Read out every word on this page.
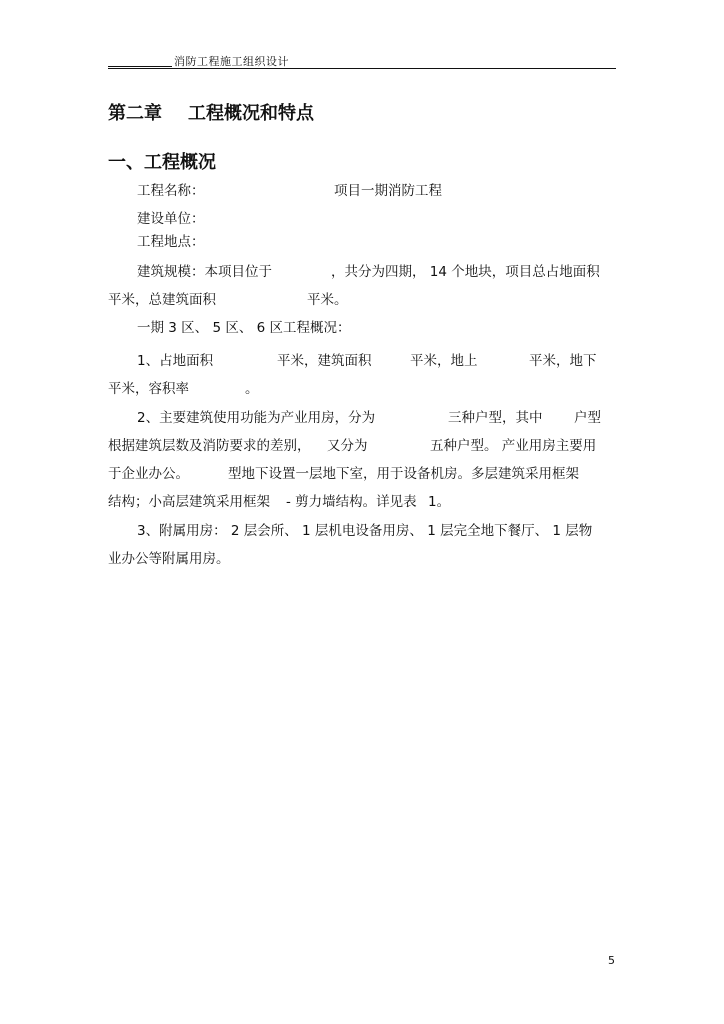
消防工程施工组织设计
第二章 工程概况和特点
一、工程概况
工程名称：	项目一期消防工程
建设单位：
工程地点：
建筑规模：本项目位于	，共分为四期， 14 个地块，项目总占地面积
平米，总建筑面积	平米。
一期 3 区、 5 区、 6 区工程概况：
1、占地面积	平米，建筑面积	平米，地上	平米，地下
平米，容积率	。
2、主要建筑使用功能为产业用房，分为	三种户型，其中 户型
根据建筑层数及消防要求的差别， 又分为	五种户型。 产业用房主要用
于企业办公。	型地下设置一层地下室，用于设备机房。多层建筑采用框架
结构；小高层建筑采用框架 - 剪力墙结构。详见表 1。
3、附属用房： 2 层会所、 1 层机电设备用房、 1 层完全地下餐厅、 1 层物
业办公等附属用房。
5
